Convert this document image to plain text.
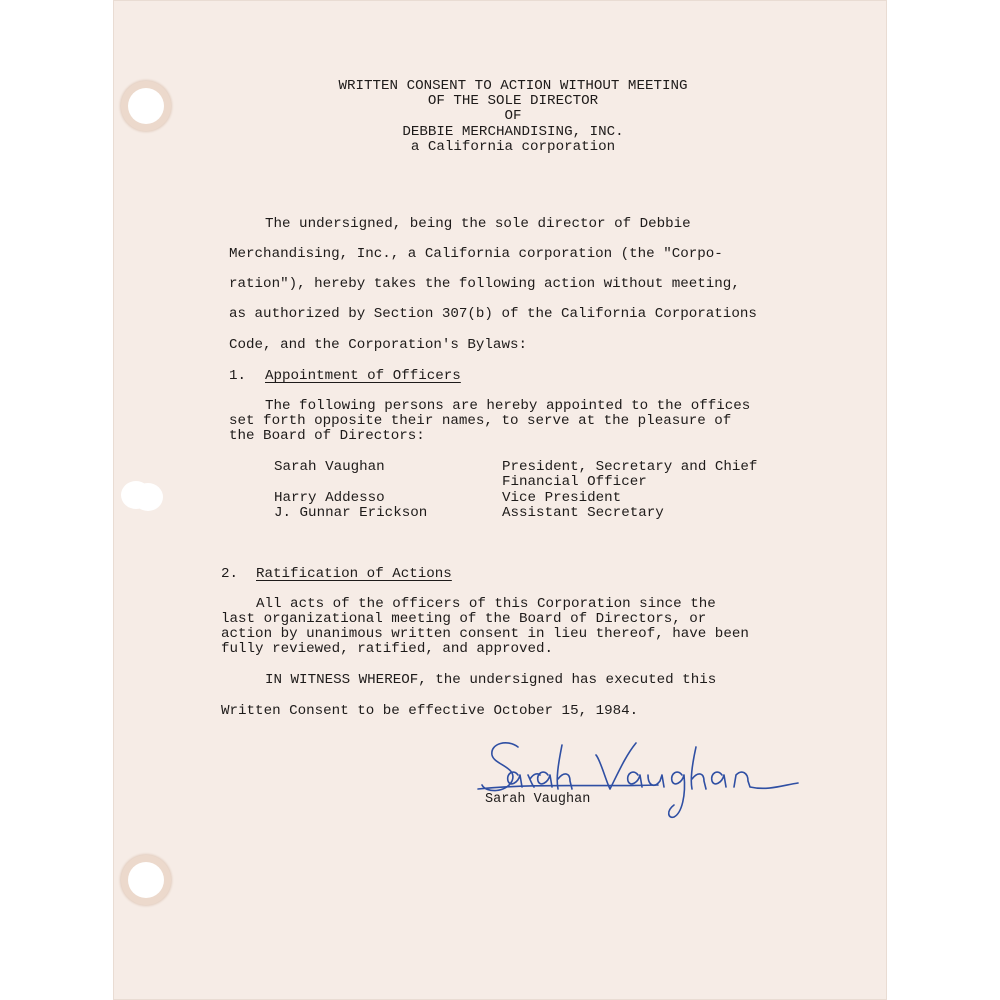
WRITTEN CONSENT TO ACTION WITHOUT MEETING
OF THE SOLE DIRECTOR
OF
DEBBIE MERCHANDISING, INC.
a California corporation
The undersigned, being the sole director of Debbie
Merchandising, Inc., a California corporation (the "Corpo-
ration"), hereby takes the following action without meeting,
as authorized by Section 307(b) of the California Corporations
Code, and the Corporation's Bylaws:
1. Appointment of Officers
The following persons are hereby appointed to the offices
set forth opposite their names, to serve at the pleasure of
the Board of Directors:
Sarah Vaughan	President, Secretary and Chief
Financial Officer
Harry Addesso	Vice President
J. Gunnar Erickson	Assistant Secretary
2. Ratification of Actions
All acts of the officers of this Corporation since the
last organizational meeting of the Board of Directors, or
action by unanimous written consent in lieu thereof, have been
fully reviewed, ratified, and approved.
IN WITNESS WHEREOF, the undersigned has executed this
Written Consent to be effective October 15, 1984.
Sarah Vaughan
